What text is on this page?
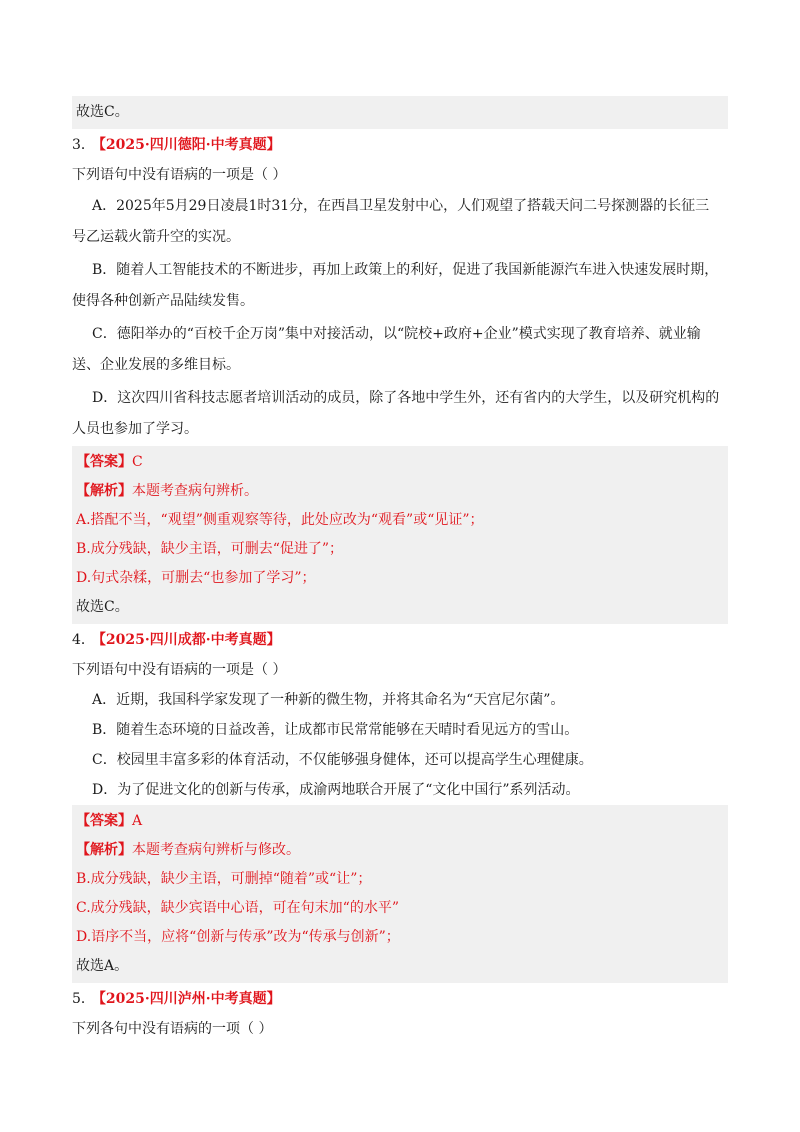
故选C。
3． 【2025·四川德阳·中考真题】
下列语句中没有语病的一项是（ ）
A．2025年5月29日凌晨1时31分，在西昌卫星发射中心，人们观望了搭载天问二号探测器的长征三
号乙运载火箭升空的实况。
B．随着人工智能技术的不断进步，再加上政策上的利好，促进了我国新能源汽车进入快速发展时期，
使得各种创新产品陆续发售。
C．德阳举办的“百校千企万岗”集中对接活动，以“院校+政府+企业”模式实现了教育培养、就业输
送、企业发展的多维目标。
D．这次四川省科技志愿者培训活动的成员，除了各地中学生外，还有省内的大学生，以及研究机构的
人员也参加了学习。
【答案】C
【解析】本题考查病句辨析。
A.搭配不当，“观望”侧重观察等待，此处应改为“观看”或“见证”；
B.成分残缺，缺少主语，可删去“促进了”；
D.句式杂糅，可删去“也参加了学习”；
故选C。
4． 【2025·四川成都·中考真题】
下列语句中没有语病的一项是（ ）
A．近期，我国科学家发现了一种新的微生物，并将其命名为“天宫尼尔菌”。
B．随着生态环境的日益改善，让成都市民常常能够在天晴时看见远方的雪山。
C．校园里丰富多彩的体育活动，不仅能够强身健体，还可以提高学生心理健康。
D．为了促进文化的创新与传承，成渝两地联合开展了“文化中国行”系列活动。
【答案】A
【解析】本题考查病句辨析与修改。
B.成分残缺，缺少主语，可删掉“随着”或“让”；
C.成分残缺，缺少宾语中心语，可在句末加“的水平”
D.语序不当，应将“创新与传承”改为“传承与创新”；
故选A。
5． 【2025·四川泸州·中考真题】
下列各句中没有语病的一项（ ）
